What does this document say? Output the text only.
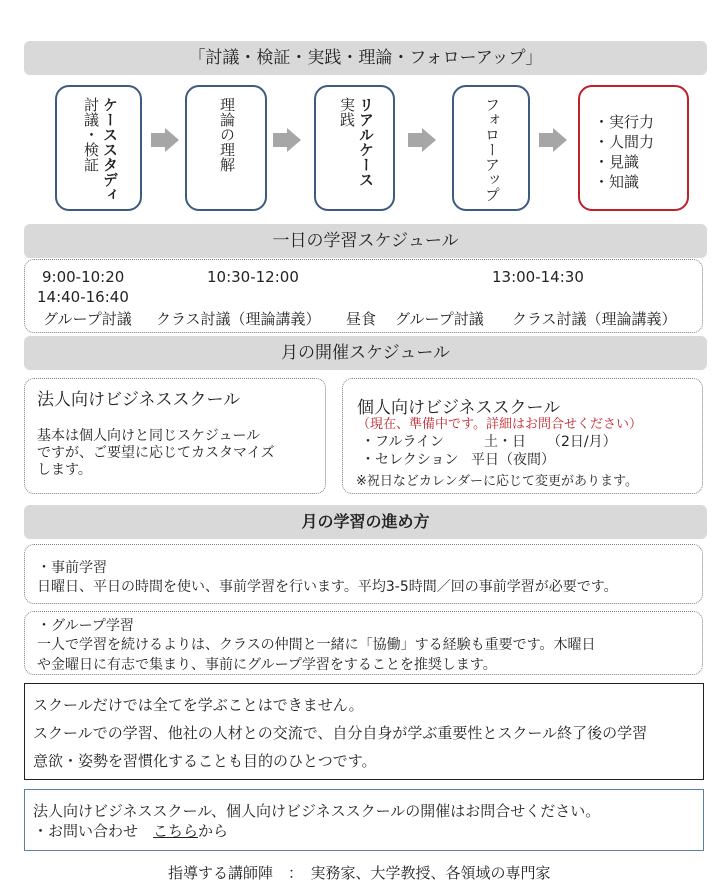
「討議・検証・実践・理論・フォローアップ」
ケーススタディ
討議・検証	理論の理解	リアルケース
実践	フォローアップ	・実行力
・人間力
・見識
・知識
一日の学習スケジュール
9:00-10:20	10:30-12:00	13:00-14:30
14:40-16:40
グループ討議 クラス討議（理論講義） 昼食 グループ討議 クラス討議（理論講義）
月の開催スケジュール
法人向けビジネススクール
基本は個人向けと同じスケジュール
ですが、ご要望に応じてカスタマイズ
します。
個人向けビジネススクール
（現在、準備中です。詳細はお問合せください）
・フルライン	土・日 （2日/月）
・セレクション 平日（夜間）
※祝日などカレンダーに応じて変更があります。
月の学習の進め方
・事前学習
日曜日、平日の時間を使い、事前学習を行います。平均3-5時間／回の事前学習が必要です。
・グループ学習
一人で学習を続けるよりは、クラスの仲間と一緒に「協働」する経験も重要です。木曜日
や金曜日に有志で集まり、事前にグループ学習をすることを推奨します。
スクールだけでは全てを学ぶことはできません。
スクールでの学習、他社の人材との交流で、自分自身が学ぶ重要性とスクール終了後の学習
意欲・姿勢を習慣化することも目的のひとつです。
法人向けビジネススクール、個人向けビジネススクールの開催はお問合せください。
・お問い合わせ　こちらから
指導する講師陣　：　実務家、大学教授、各領域の専門家
